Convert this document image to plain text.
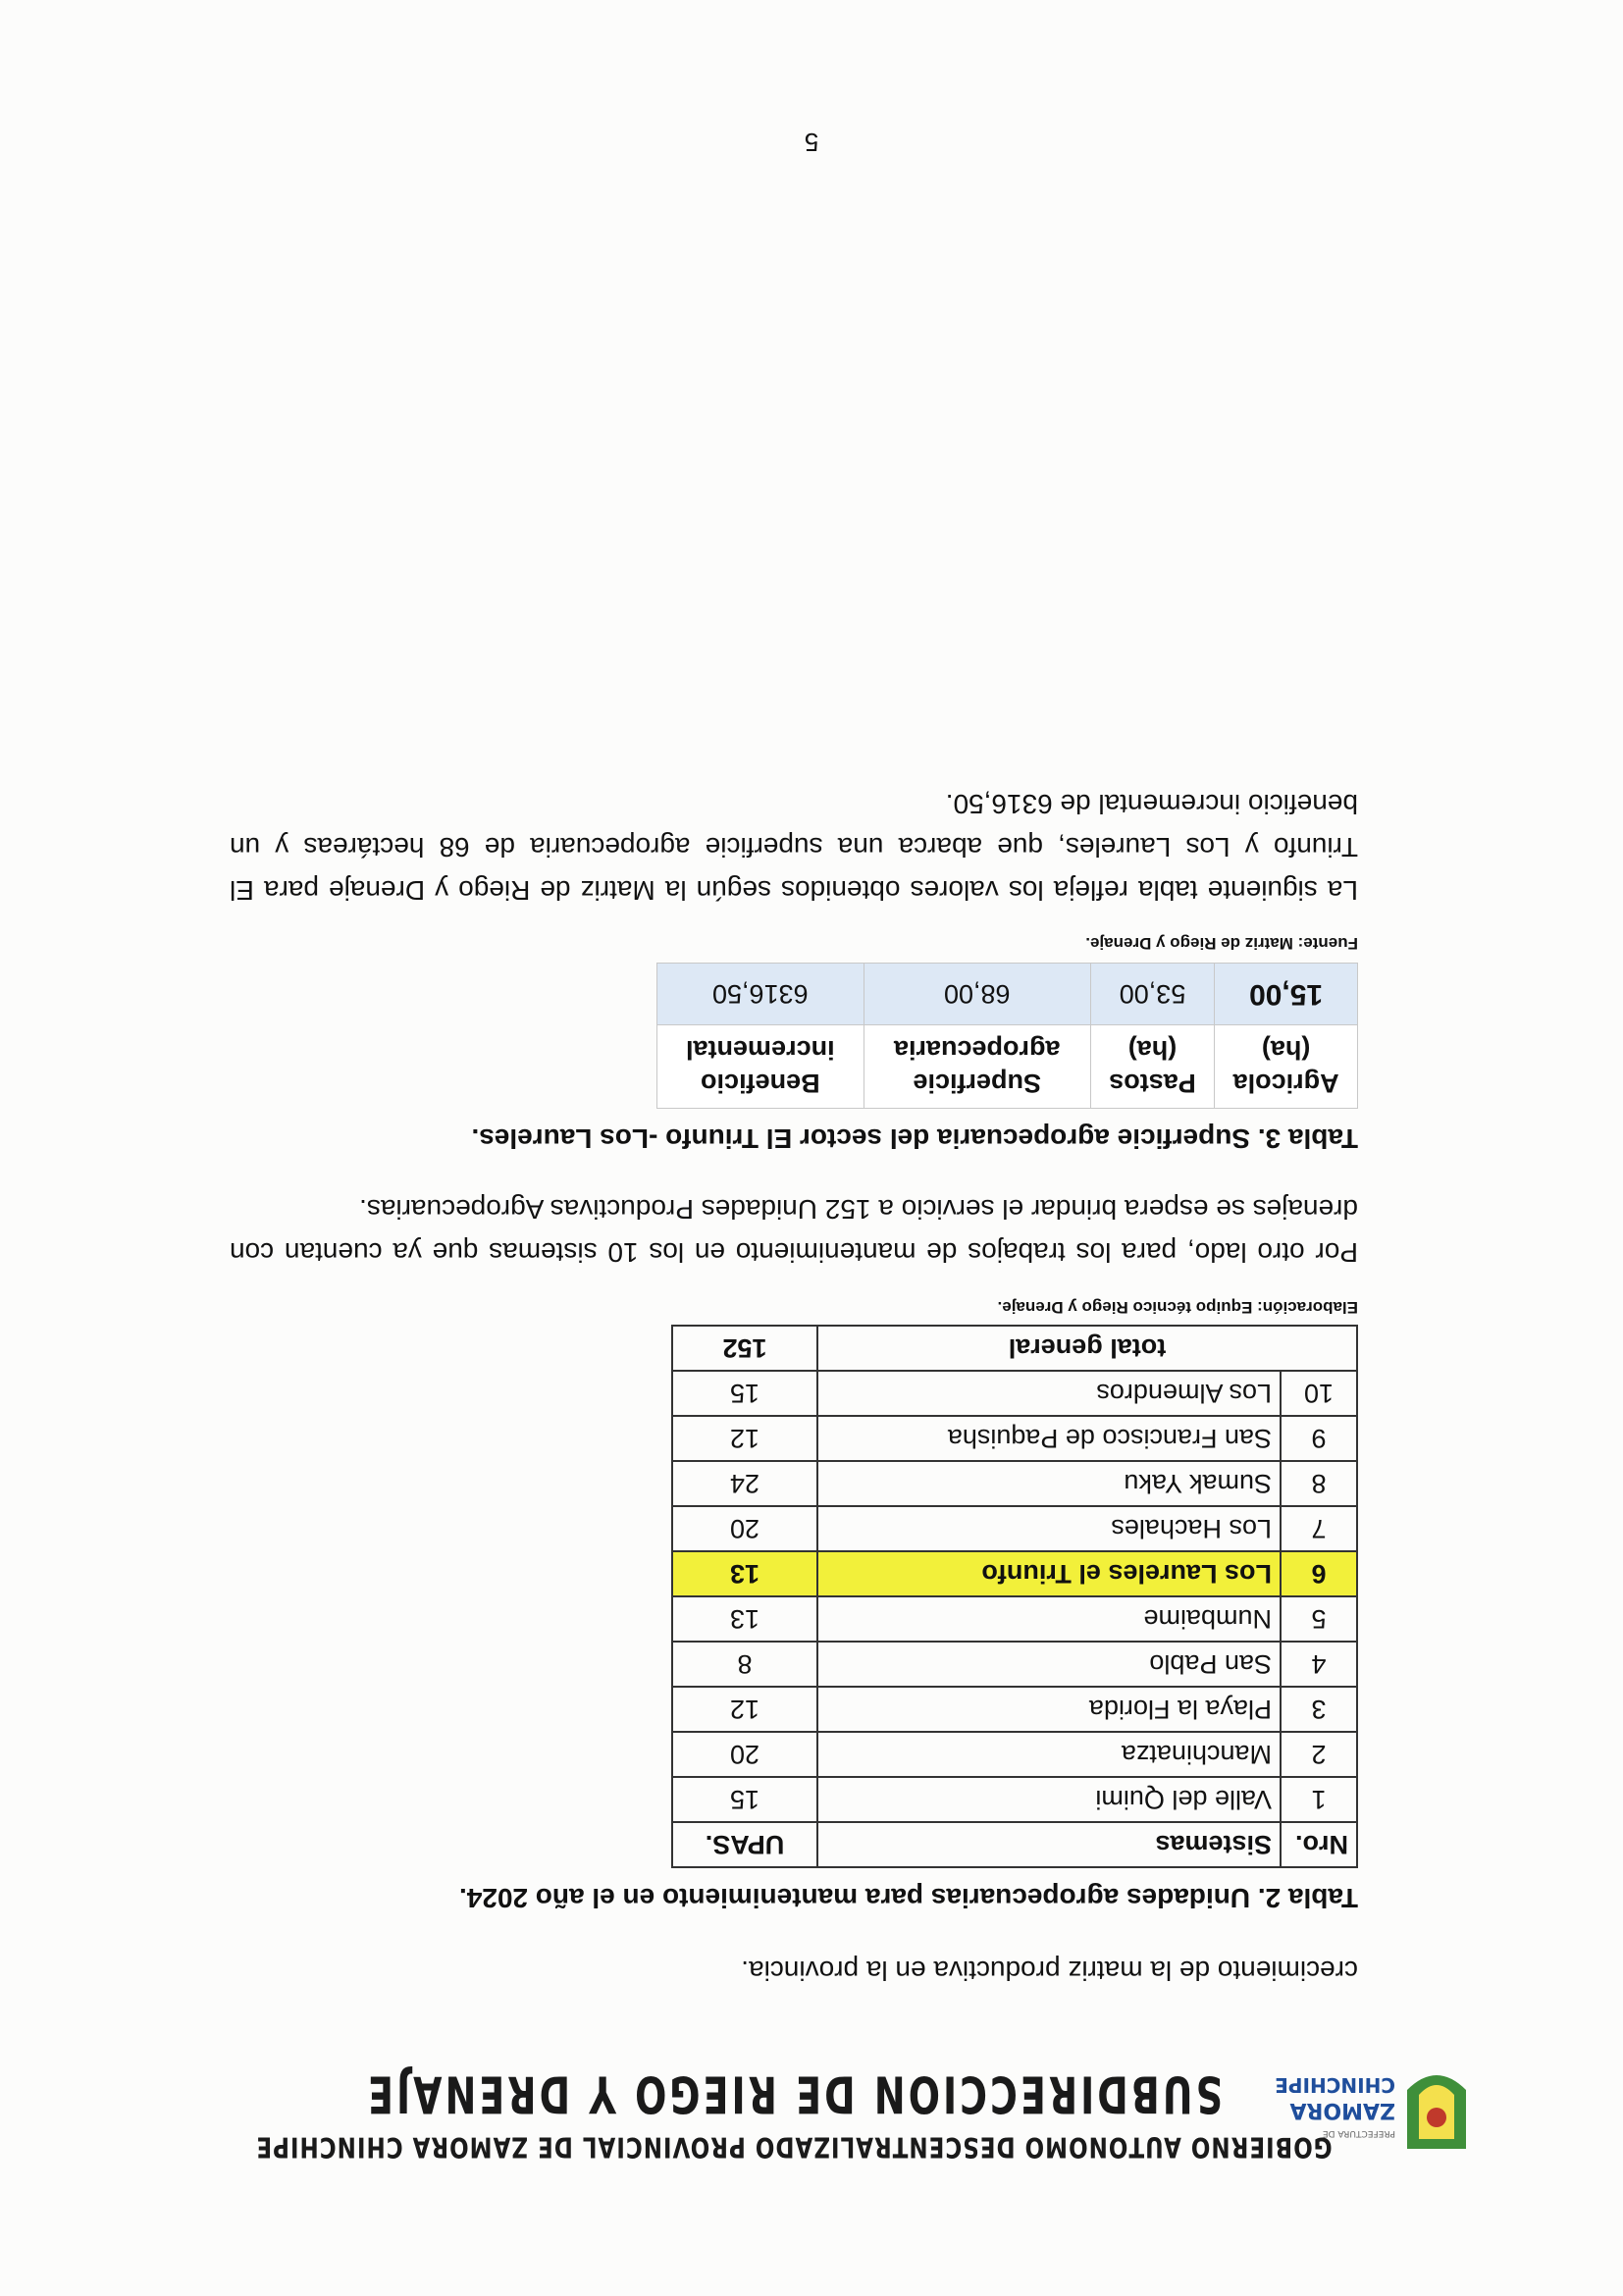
PREFECTURA DE
ZAMORA
CHINCHIPE
GOBIERNO AUTONOMO DESCENTRALIZADO PROVINCIAL DE ZAMORA CHINCHIPE
SUBDIRECCION DE RIEGO Y DRENAJE

crecimiento de la matriz productiva en la provincia.

Tabla 2. Unidades agropecuarias para mantenimiento en el año 2024.

Nro.	Sistemas	UPAS.
1	Valle del Quimi	15
2	Manchinatza	20
3	Playa la Florida	12
4	San Pablo	8
5	Numbaime	13
6	Los Laureles el Triunfo	13
7	Los Hachales	20
8	Sumak Yaku	24
9	San Francisco de Paquisha	12
10	Los Almendros	15
total general		152

Elaboración: Equipo técnico Riego y Drenaje.

Por otro lado, para los trabajos de mantenimiento en los 10 sistemas que ya cuentan con drenajes se espera brindar el servicio a 152 Unidades Productivas Agropecuarias.

Tabla 3. Superficie agropecuaria del sector El Triunfo -Los Laureles.

Agricola (ha)	Pastos (ha)	Superficie agropecuaria	Beneficio incremental
15,00	53,00	68,00	6316,50

Fuente: Matriz de Riego y Drenaje.

La siguiente tabla refleja los valores obtenidos según la Matriz de Riego y Drenaje para El Triunfo y Los Laureles, que abarca una superficie agropecuaria de 68 hectáreas y un beneficio incremental de 6316,50.

5
